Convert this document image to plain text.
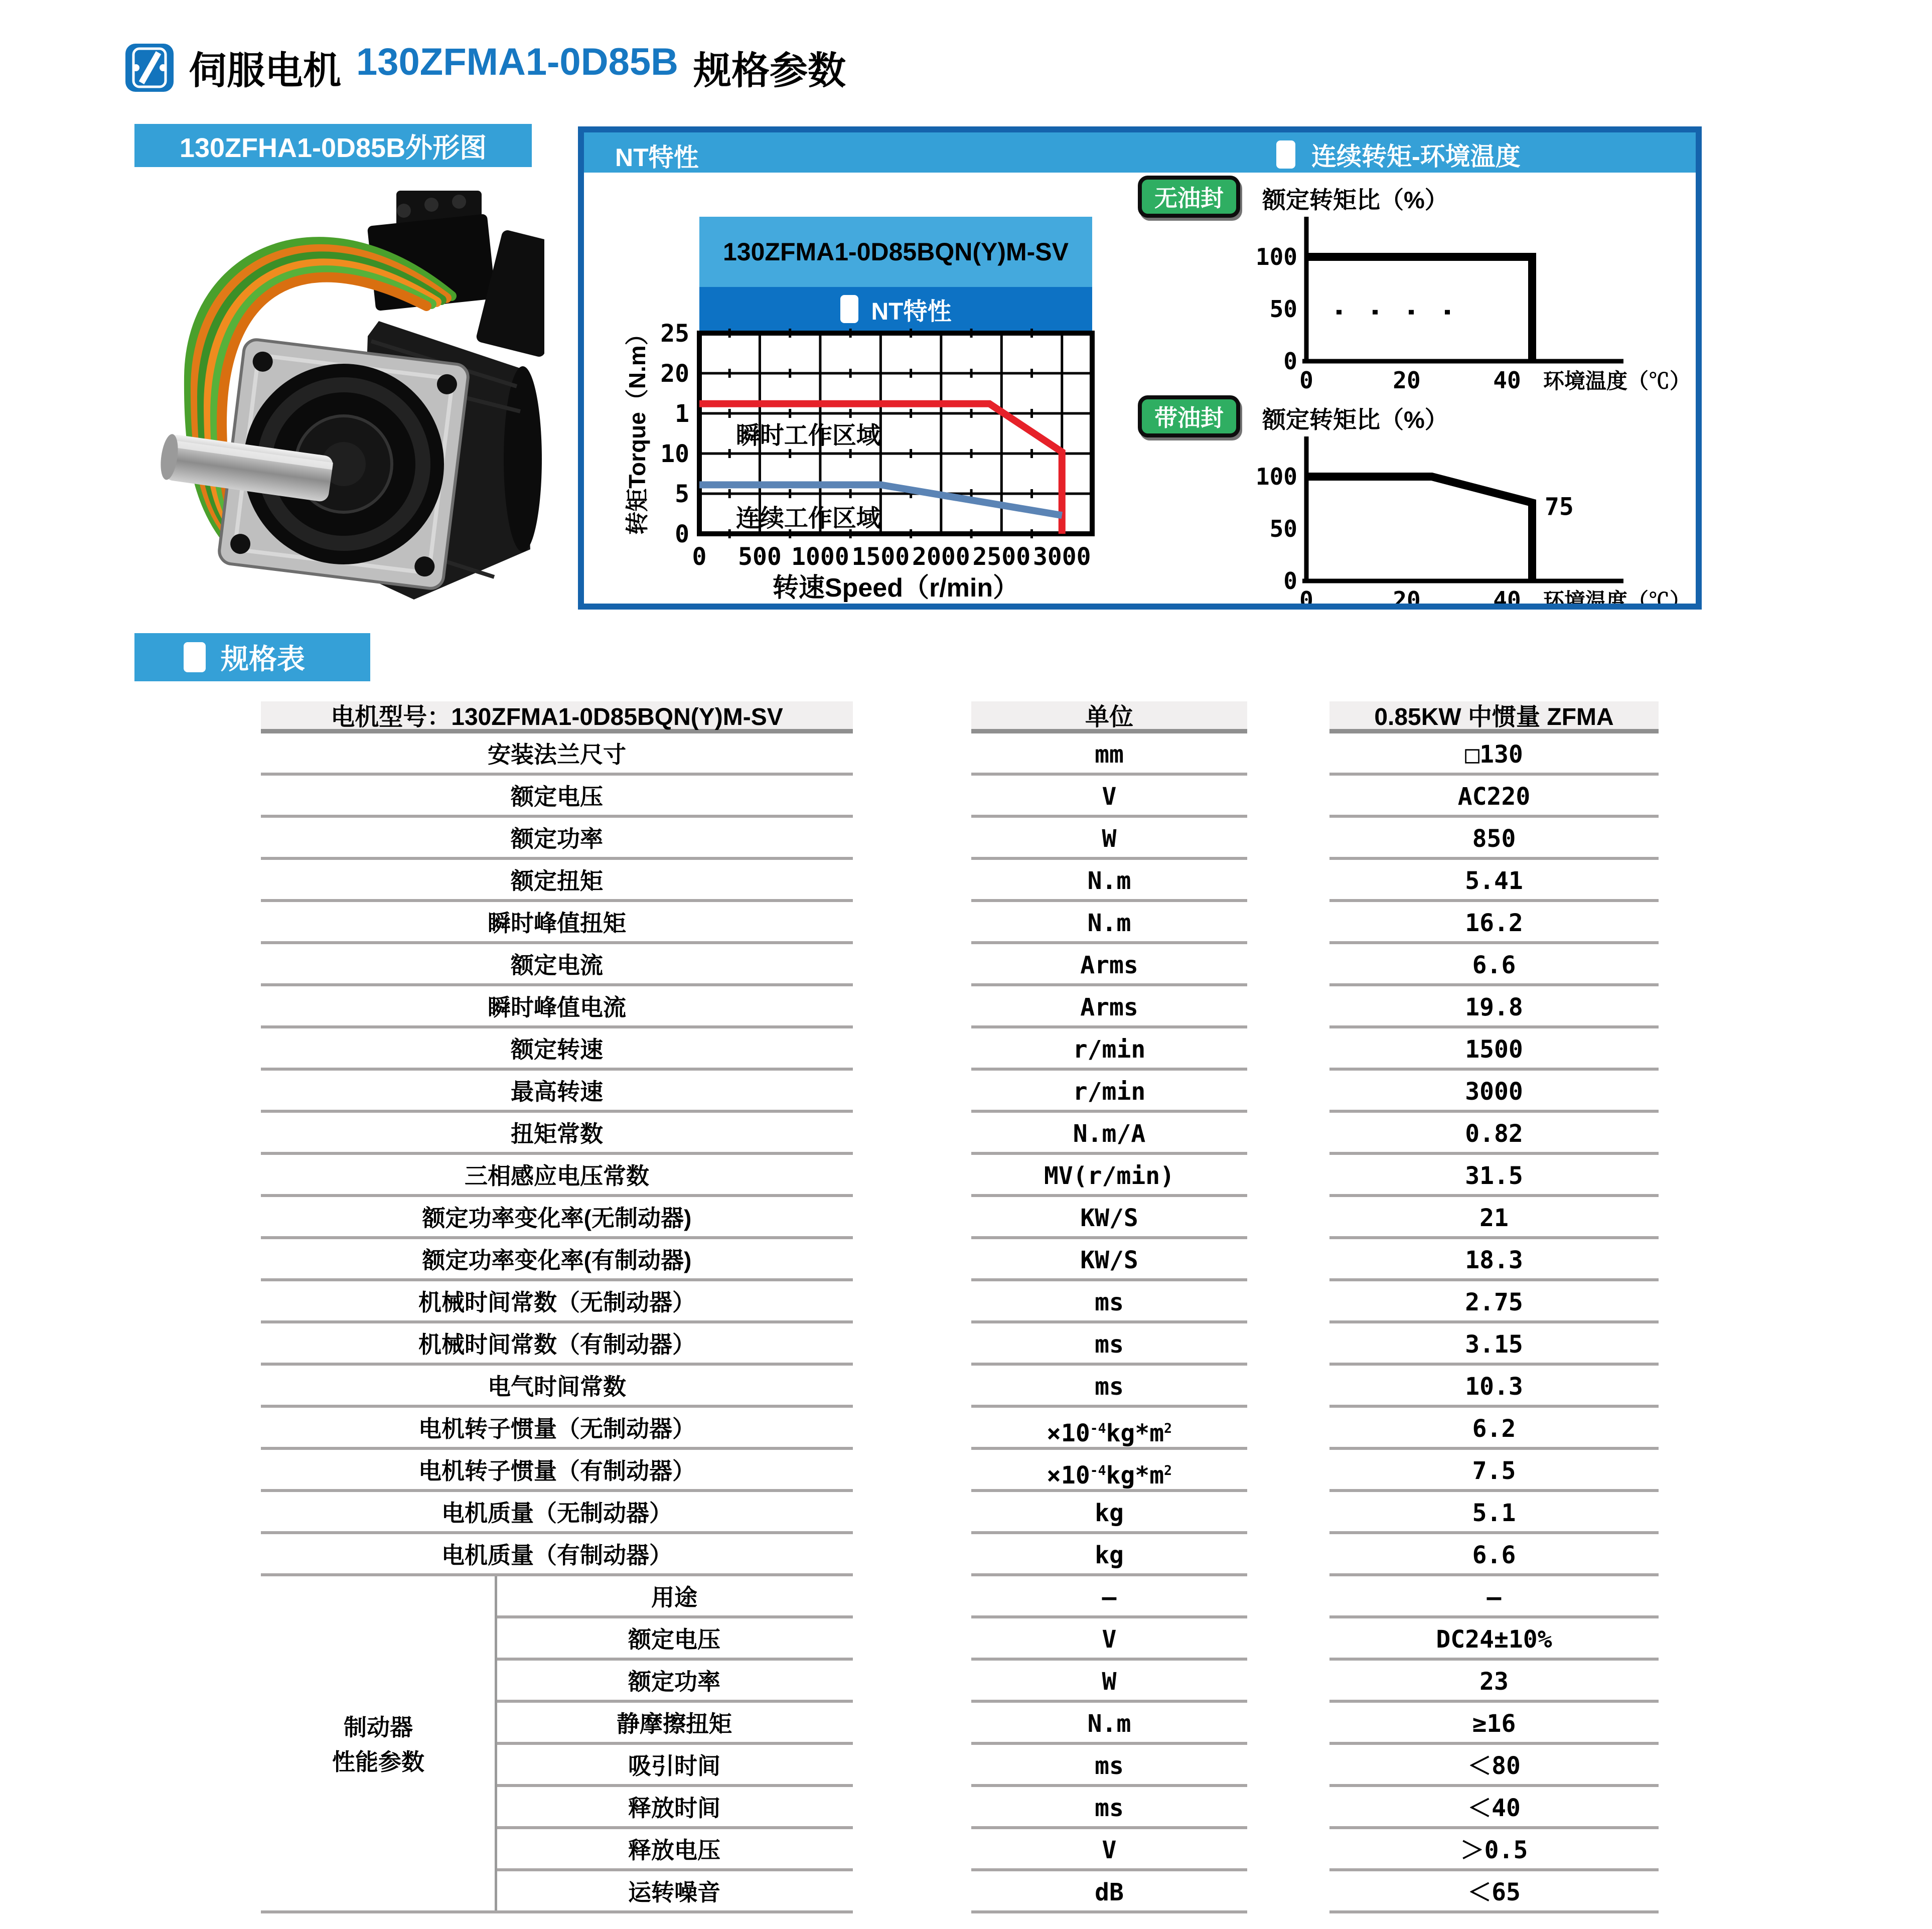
伺服电机 130ZFMA1-0D85B 规格参数
130ZFHA1-0D85B外形图	NT特性	连续转矩-环境温度
130ZFMA1-0D85BQN(Y)M-SV
NT特性
转矩Torque（N.m）
0 500 1000 1500 2000 2500 3000
25
20
1
10
5
0
瞬时工作区域
连续工作区域
转速Speed（r/min）
无油封	额定转矩比（%）
100
50
0
0	20	40 环境温度（℃）
带油封	额定转矩比（%）
100
50
0
0	20	40
75
环境温度（℃）
规格表
电机型号：130ZFMA1-0D85BQN(Y)M-SV	单位	0.85KW 中惯量 ZFMA
安装法兰尺寸	mm	□130
额定电压	V	AC220
额定功率	W	850
额定扭矩	N.m	5.41
瞬时峰值扭矩	N.m	16.2
额定电流	Arms	6.6
瞬时峰值电流	Arms	19.8
额定转速	r/min	1500
最高转速	r/min	3000
扭矩常数	N.m/A	0.82
三相感应电压常数	MV(r/min)	31.5
额定功率变化率(无制动器)	KW/S	21
额定功率变化率(有制动器)	KW/S	18.3
机械时间常数（无制动器）	ms	2.75
机械时间常数（有制动器）	ms	3.15
电气时间常数	ms	10.3
电机转子惯量（无制动器）	$\times 10^{-4}kg*m^2$	6.2
电机转子惯量（有制动器）	$\times 10^{-4}kg*m^2$	7.5
电机质量（无制动器）	kg	5.1
电机质量（有制动器）	kg	6.6
用途	—	—
额定电压	V	DC24±10%
额定功率	W	23
静摩擦扭矩	N.m	≥16
吸引时间	ms	＜80
释放时间	ms	＜40
释放电压	V	＞0.5
运转噪音	dB	＜65
制动器
性能参数
